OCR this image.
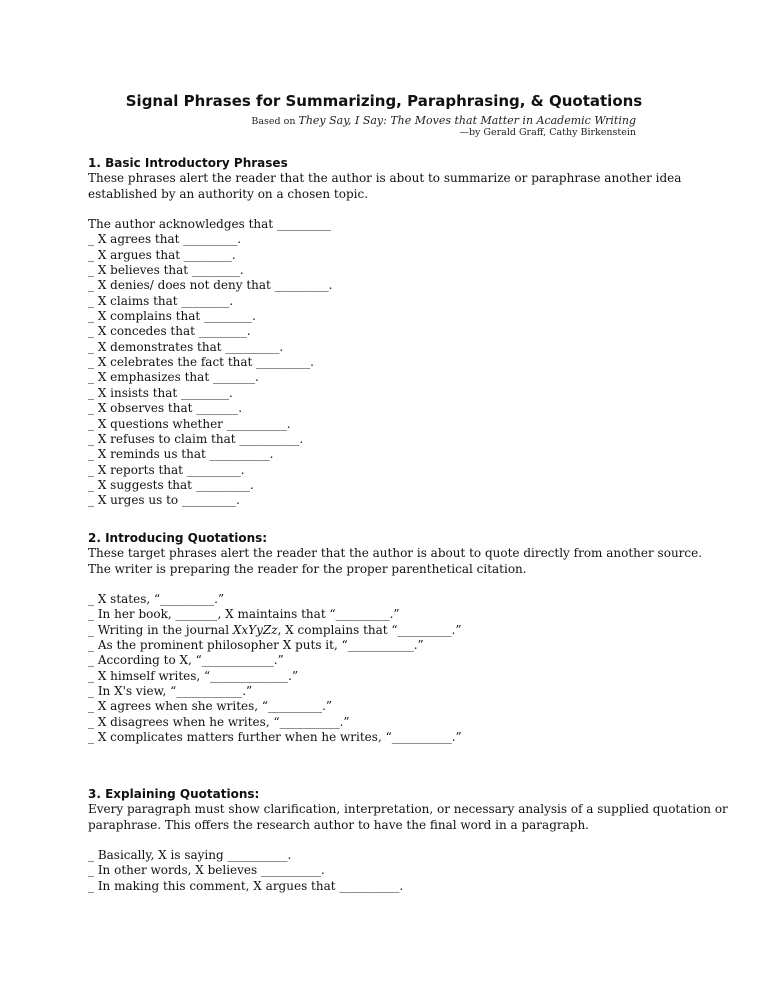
Signal Phrases for Summarizing, Paraphrasing, & Quotations
Based on They Say, I Say: The Moves that Matter in Academic Writing
—by Gerald Graff, Cathy Birkenstein
1. Basic Introductory Phrases
These phrases alert the reader that the author is about to summarize or paraphrase another idea
established by an authority on a chosen topic.
The author acknowledges that _________
_ X agrees that _________.
_ X argues that ________.
_ X believes that ________.
_ X denies/ does not deny that _________.
_ X claims that ________.
_ X complains that ________.
_ X concedes that ________.
_ X demonstrates that _________.
_ X celebrates the fact that _________.
_ X emphasizes that _______.
_ X insists that ________.
_ X observes that _______.
_ X questions whether __________.
_ X refuses to claim that __________.
_ X reminds us that __________.
_ X reports that _________.
_ X suggests that _________.
_ X urges us to _________.
2. Introducing Quotations:
These target phrases alert the reader that the author is about to quote directly from another source.
The writer is preparing the reader for the proper parenthetical citation.
_ X states, “_________.”
_ In her book, _______, X maintains that “_________.”
_ Writing in the journal XxYyZz, X complains that “_________.”
_ As the prominent philosopher X puts it, “___________.”
_ According to X, “____________.”
_ X himself writes, “_____________.”
_ In X's view, “___________.”
_ X agrees when she writes, “_________.”
_ X disagrees when he writes, “__________.”
_ X complicates matters further when he writes, “__________.”
3. Explaining Quotations:
Every paragraph must show clarification, interpretation, or necessary analysis of a supplied quotation or
paraphrase. This offers the research author to have the final word in a paragraph.
_ Basically, X is saying __________.
_ In other words, X believes __________.
_ In making this comment, X argues that __________.
